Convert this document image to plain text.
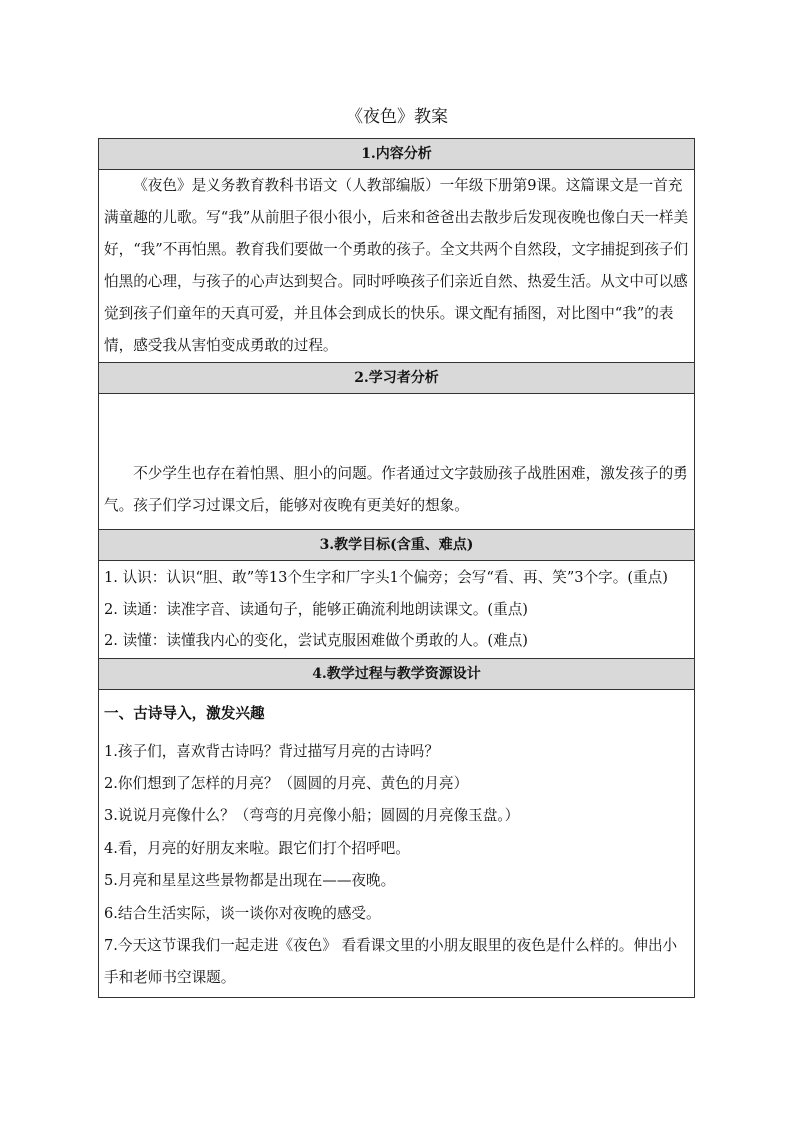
《夜色》教案
1.内容分析

《夜色》是义务教育教科书语文（人教部编版）一年级下册第9课。这篇课文是一首充满童趣的儿歌。写“我”从前胆子很小很小，后来和爸爸出去散步后发现夜晚也像白天一样美好，“我”不再怕黑。教育我们要做一个勇敢的孩子。全文共两个自然段，文字捕捉到孩子们怕黑的心理，与孩子的心声达到契合。同时呼唤孩子们亲近自然、热爱生活。从文中可以感觉到孩子们童年的天真可爱，并且体会到成长的快乐。课文配有插图，对比图中“我”的表情，感受我从害怕变成勇敢的过程。

2.学习者分析

不少学生也存在着怕黑、胆小的问题。作者通过文字鼓励孩子战胜困难，激发孩子的勇气。孩子们学习过课文后，能够对夜晚有更美好的想象。

3.教学目标(含重、难点)

1. 认识：认识“胆、敢”等13个生字和厂字头1个偏旁；会写“看、再、笑”3个字。(重点)

2. 读通：读准字音、读通句子，能够正确流利地朗读课文。(重点)

2. 读懂：读懂我内心的变化，尝试克服困难做个勇敢的人。(难点)

4.教学过程与教学资源设计

一、古诗导入，激发兴趣

1.孩子们，喜欢背古诗吗？背过描写月亮的古诗吗？

2.你们想到了怎样的月亮？（圆圆的月亮、黄色的月亮）

3.说说月亮像什么？（弯弯的月亮像小船；圆圆的月亮像玉盘。）

4.看，月亮的好朋友来啦。跟它们打个招呼吧。

5.月亮和星星这些景物都是出现在——夜晚。

6.结合生活实际，谈一谈你对夜晚的感受。

7.今天这节课我们一起走进《夜色》 看看课文里的小朋友眼里的夜色是什么样的。伸出小手和老师书空课题。
